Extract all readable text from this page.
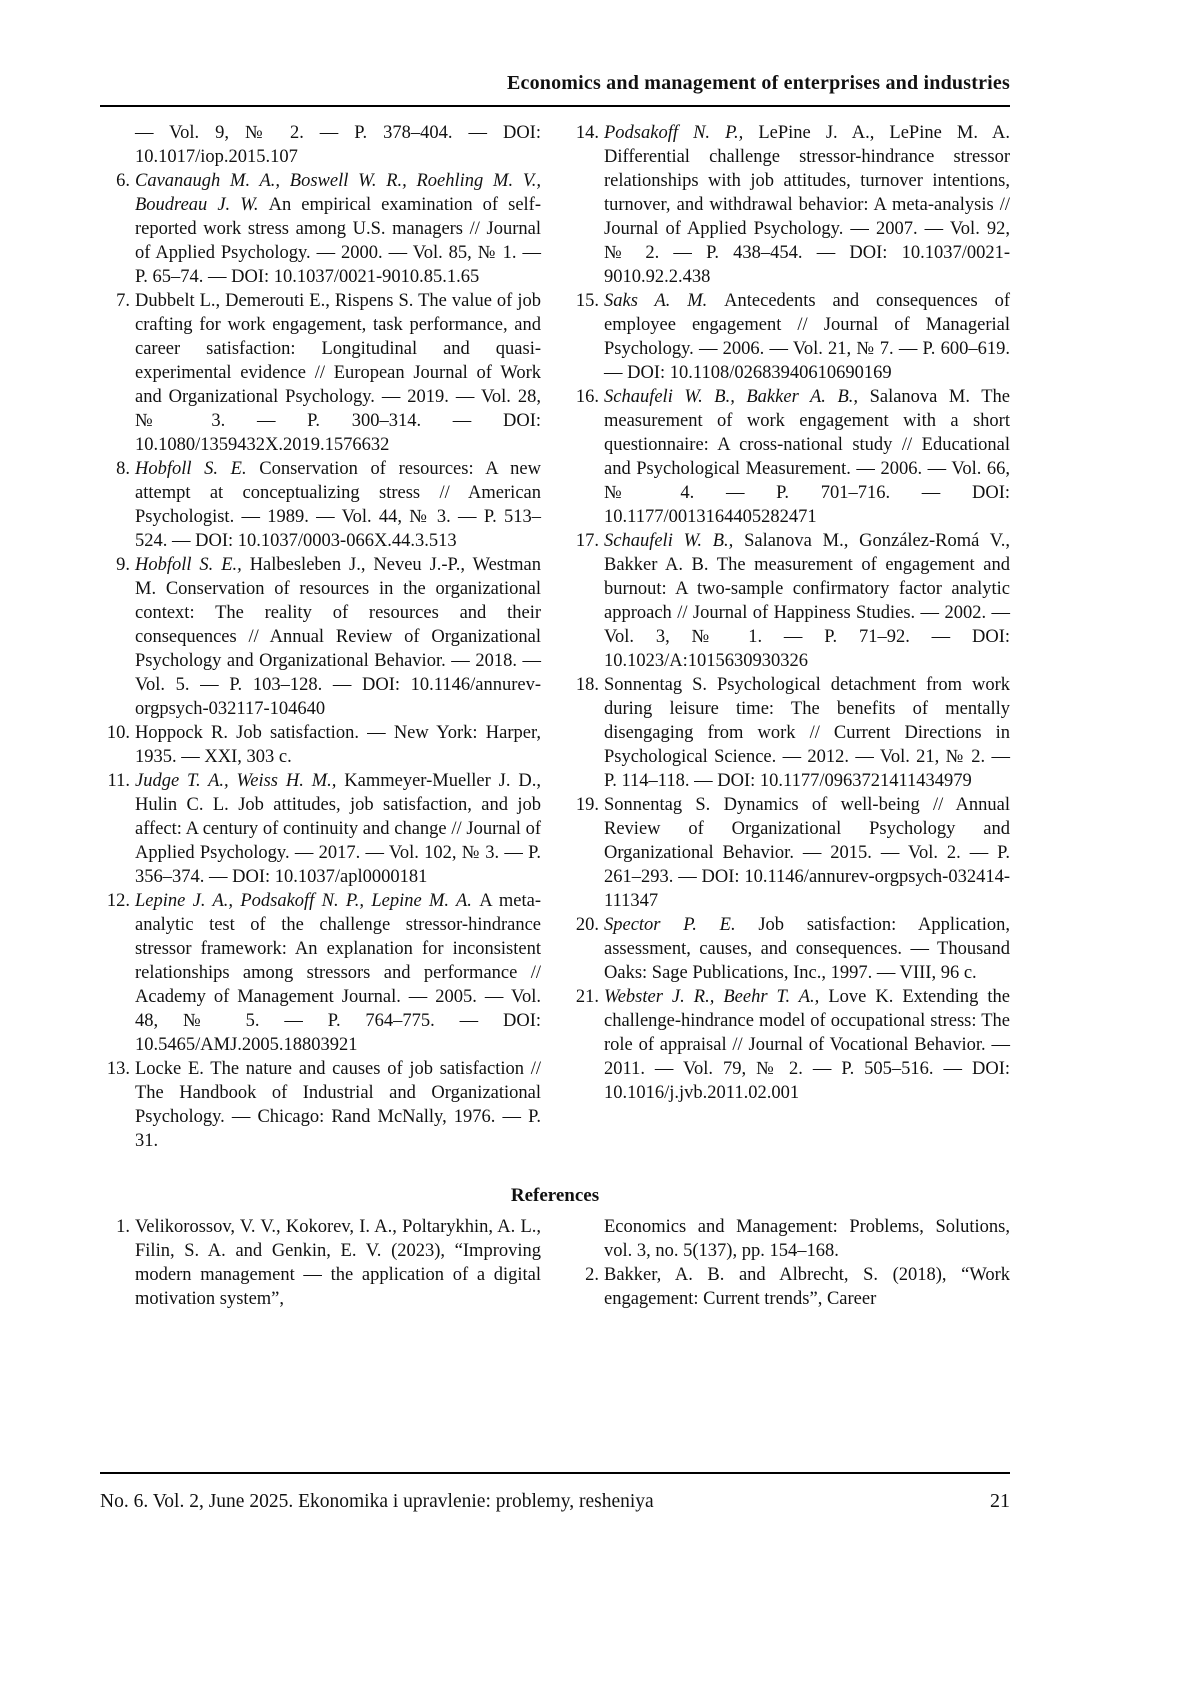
Economics and management of enterprises and industries
— Vol. 9, № 2. — P. 378–404. — DOI: 10.1017/iop.2015.107
6. Cavanaugh M. A., Boswell W. R., Roehling M. V., Boudreau J. W. An empirical examination of self-reported work stress among U.S. managers // Journal of Applied Psychology. — 2000. — Vol. 85, № 1. — P. 65–74. — DOI: 10.1037/0021-9010.85.1.65
7. Dubbelt L., Demerouti E., Rispens S. The value of job crafting for work engagement, task performance, and career satisfaction: Longitudinal and quasi-experimental evidence // European Journal of Work and Organizational Psychology. — 2019. — Vol. 28, № 3. — P. 300–314. — DOI: 10.1080/1359432X.2019.1576632
8. Hobfoll S. E. Conservation of resources: A new attempt at conceptualizing stress // American Psychologist. — 1989. — Vol. 44, № 3. — P. 513–524. — DOI: 10.1037/0003-066X.44.3.513
9. Hobfoll S. E., Halbesleben J., Neveu J.-P., Westman M. Conservation of resources in the organizational context: The reality of resources and their consequences // Annual Review of Organizational Psychology and Organizational Behavior. — 2018. — Vol. 5. — P. 103–128. — DOI: 10.1146/annurev-orgpsych-032117-104640
10. Hoppock R. Job satisfaction. — New York: Harper, 1935. — XXI, 303 c.
11. Judge T. A., Weiss H. M., Kammeyer-Mueller J. D., Hulin C. L. Job attitudes, job satisfaction, and job affect: A century of continuity and change // Journal of Applied Psychology. — 2017. — Vol. 102, № 3. — P. 356–374. — DOI: 10.1037/apl0000181
12. Lepine J. A., Podsakoff N. P., Lepine M. A. A meta-analytic test of the challenge stressor-hindrance stressor framework: An explanation for inconsistent relationships among stressors and performance // Academy of Management Journal. — 2005. — Vol. 48, № 5. — P. 764–775. — DOI: 10.5465/AMJ.2005.18803921
13. Locke E. The nature and causes of job satisfaction // The Handbook of Industrial and Organizational Psychology. — Chicago: Rand McNally, 1976. — P. 31.
14. Podsakoff N. P., LePine J. A., LePine M. A. Differential challenge stressor-hindrance stressor relationships with job attitudes, turnover intentions, turnover, and withdrawal behavior: A meta-analysis // Journal of Applied Psychology. — 2007. — Vol. 92, № 2. — P. 438–454. — DOI: 10.1037/0021-9010.92.2.438
15. Saks A. M. Antecedents and consequences of employee engagement // Journal of Managerial Psychology. — 2006. — Vol. 21, № 7. — P. 600–619. — DOI: 10.1108/02683940610690169
16. Schaufeli W. B., Bakker A. B., Salanova M. The measurement of work engagement with a short questionnaire: A cross-national study // Educational and Psychological Measurement. — 2006. — Vol. 66, № 4. — P. 701–716. — DOI: 10.1177/0013164405282471
17. Schaufeli W. B., Salanova M., González-Romá V., Bakker A. B. The measurement of engagement and burnout: A two-sample confirmatory factor analytic approach // Journal of Happiness Studies. — 2002. — Vol. 3, № 1. — P. 71–92. — DOI: 10.1023/A:1015630930326
18. Sonnentag S. Psychological detachment from work during leisure time: The benefits of mentally disengaging from work // Current Directions in Psychological Science. — 2012. — Vol. 21, № 2. — P. 114–118. — DOI: 10.1177/0963721411434979
19. Sonnentag S. Dynamics of well-being // Annual Review of Organizational Psychology and Organizational Behavior. — 2015. — Vol. 2. — P. 261–293. — DOI: 10.1146/annurev-orgpsych-032414-111347
20. Spector P. E. Job satisfaction: Application, assessment, causes, and consequences. — Thousand Oaks: Sage Publications, Inc., 1997. — VIII, 96 c.
21. Webster J. R., Beehr T. A., Love K. Extending the challenge-hindrance model of occupational stress: The role of appraisal // Journal of Vocational Behavior. — 2011. — Vol. 79, № 2. — P. 505–516. — DOI: 10.1016/j.jvb.2011.02.001
References
1. Velikorossov, V. V., Kokorev, I. A., Poltarykhin, A. L., Filin, S. A. and Genkin, E. V. (2023), “Improving modern management — the application of a digital motivation system”,
Economics and Management: Problems, Solutions, vol. 3, no. 5(137), pp. 154–168.
2. Bakker, A. B. and Albrecht, S. (2018), “Work engagement: Current trends”, Career
No. 6. Vol. 2, June 2025. Ekonomika i upravlenie: problemy, resheniya	21
